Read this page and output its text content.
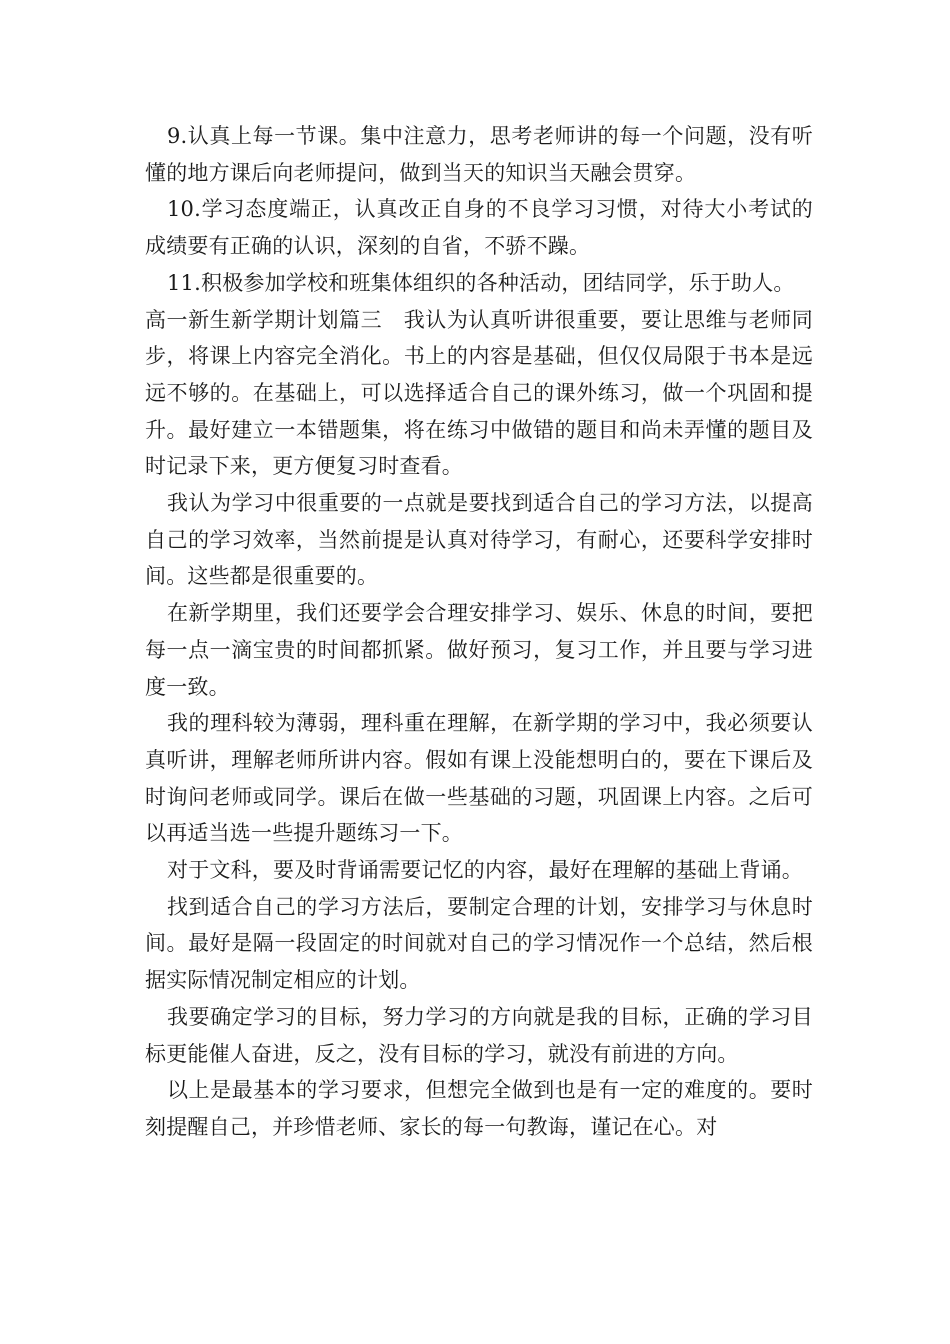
9.认真上每一节课。集中注意力，思考老师讲的每一个问题，没有听懂的地方课后向老师提问，做到当天的知识当天融会贯穿。

10.学习态度端正，认真改正自身的不良学习习惯，对待大小考试的成绩要有正确的认识，深刻的自省，不骄不躁。

11.积极参加学校和班集体组织的各种活动，团结同学，乐于助人。

高一新生新学期计划篇三　我认为认真听讲很重要，要让思维与老师同步，将课上内容完全消化。书上的内容是基础，但仅仅局限于书本是远远不够的。在基础上，可以选择适合自己的课外练习，做一个巩固和提升。最好建立一本错题集，将在练习中做错的题目和尚未弄懂的题目及时记录下来，更方便复习时查看。

我认为学习中很重要的一点就是要找到适合自己的学习方法，以提高自己的学习效率，当然前提是认真对待学习，有耐心，还要科学安排时间。这些都是很重要的。

在新学期里，我们还要学会合理安排学习、娱乐、休息的时间，要把每一点一滴宝贵的时间都抓紧。做好预习，复习工作，并且要与学习进度一致。

我的理科较为薄弱，理科重在理解，在新学期的学习中，我必须要认真听讲，理解老师所讲内容。假如有课上没能想明白的，要在下课后及时询问老师或同学。课后在做一些基础的习题，巩固课上内容。之后可以再适当选一些提升题练习一下。

对于文科，要及时背诵需要记忆的内容，最好在理解的基础上背诵。

找到适合自己的学习方法后，要制定合理的计划，安排学习与休息时间。最好是隔一段固定的时间就对自己的学习情况作一个总结，然后根据实际情况制定相应的计划。

我要确定学习的目标，努力学习的方向就是我的目标，正确的学习目标更能催人奋进，反之，没有目标的学习，就没有前进的方向。

以上是最基本的学习要求，但想完全做到也是有一定的难度的。要时刻提醒自己，并珍惜老师、家长的每一句教诲，谨记在心。对
